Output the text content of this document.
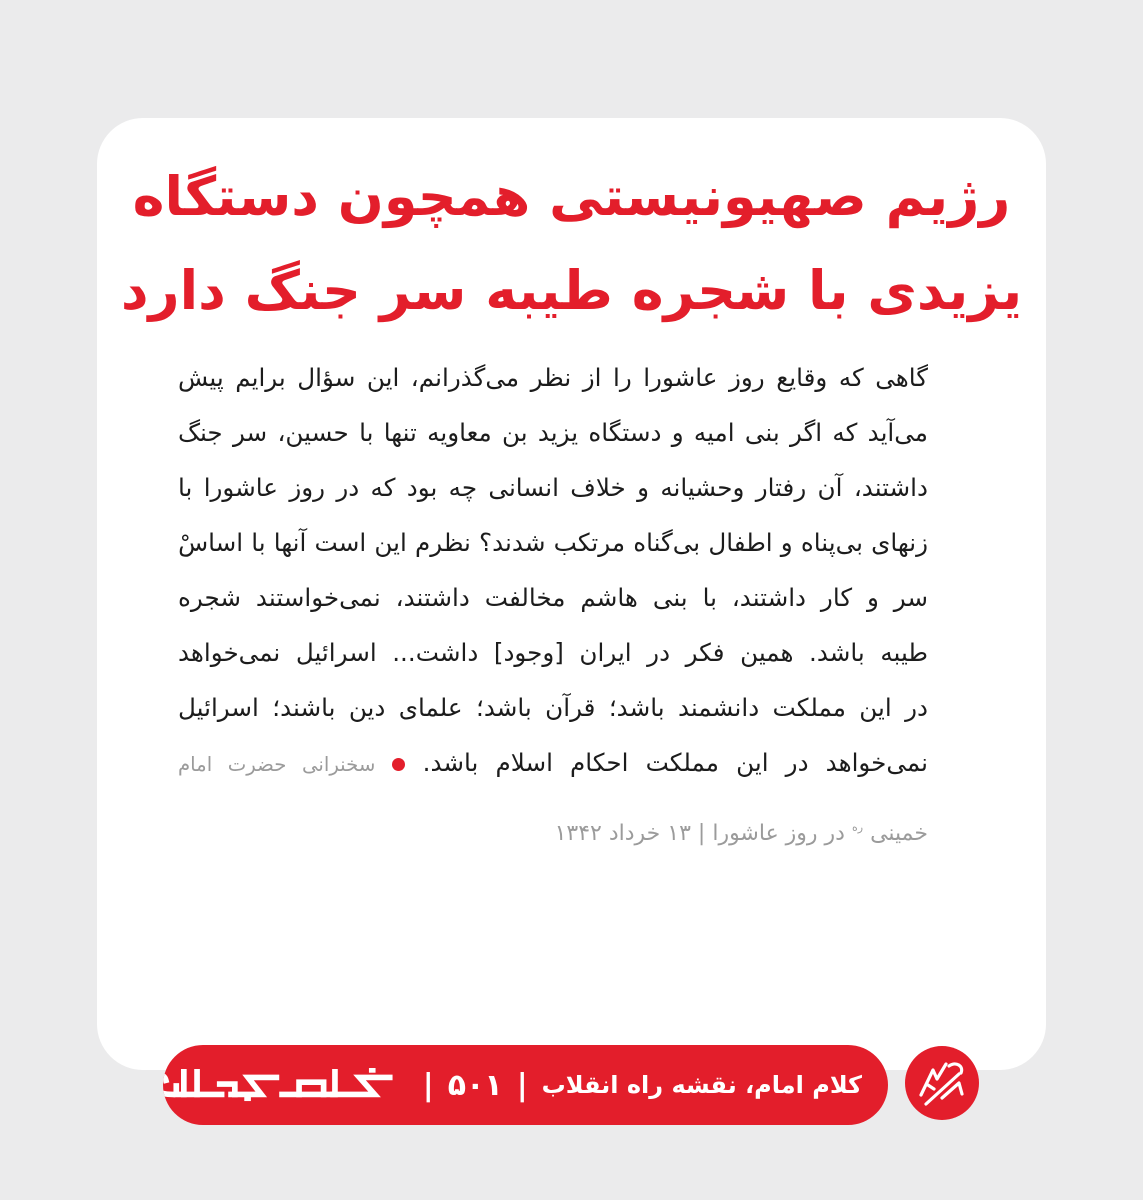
رژیم صهیونیستی همچون دستگاه
یزیدی با شجره طیبه سر جنگ دارد
گاهی که وقایع روز عاشورا را از نظر می‌گذرانم، این سؤال برایم پیش
می‌آید که اگر بنی امیه و دستگاه یزید بن معاویه تنها با حسین، سر جنگ
داشتند، آن رفتار وحشیانه و خلاف انسانی چه بود که در روز عاشورا با
زنهای بی‌پناه و اطفال بی‌گناه مرتکب شدند؟ نظرم این است آنها با اساسْ
سر و کار داشتند، با بنی هاشم مخالفت داشتند، نمی‌خواستند شجره
طیبه باشد. همین فکر در ایران [وجود] داشت... اسرائیل نمی‌خواهد
در این مملکت دانشمند باشد؛ قرآن باشد؛ علمای دین باشند؛ اسرائیل
نمی‌خواهد در این مملکت احکام اسلام باشد.  سخنرانی حضرت امام
خمینی $^{ره}$ در روز عاشورا | ۱۳ خرداد ۱۳۴۲
کلام امام، نقشه راه انقلاب
|
۵۰۱
|
